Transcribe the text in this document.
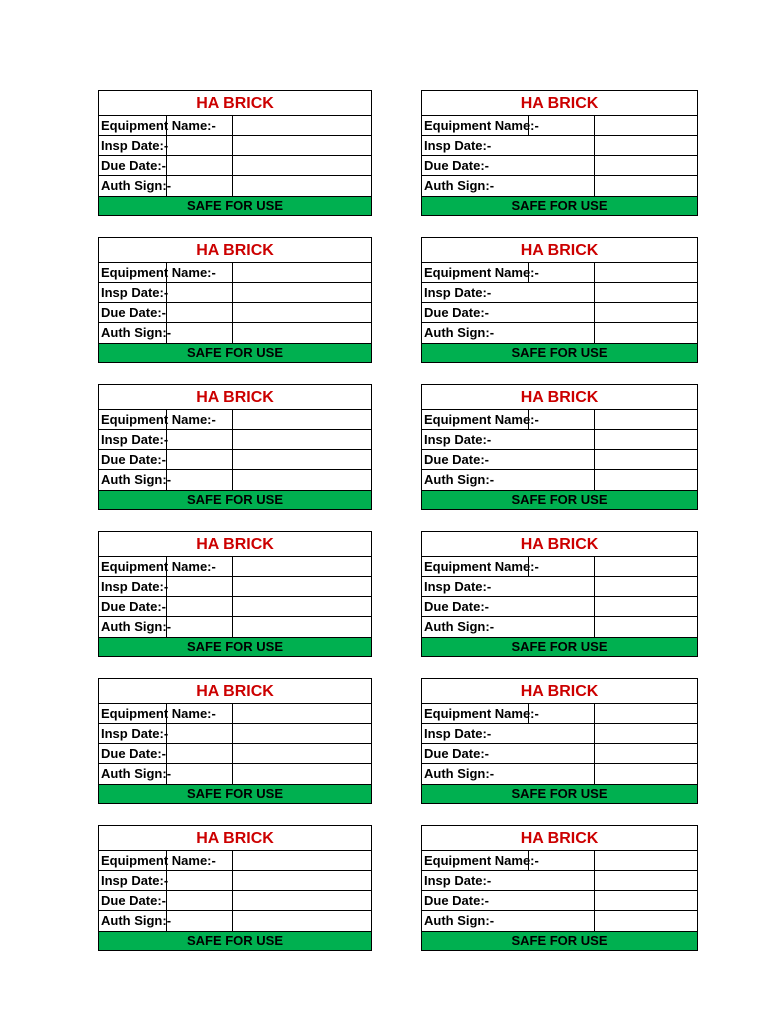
HA BRICK
Equipment Name:-
Insp Date:-
Due Date:-
Auth Sign:-
SAFE FOR USE
HA BRICK
Equipment Name:-
Insp Date:-
Due Date:-
Auth Sign:-
SAFE FOR USE
HA BRICK
Equipment Name:-
Insp Date:-
Due Date:-
Auth Sign:-
SAFE FOR USE
HA BRICK
Equipment Name:-
Insp Date:-
Due Date:-
Auth Sign:-
SAFE FOR USE
HA BRICK
Equipment Name:-
Insp Date:-
Due Date:-
Auth Sign:-
SAFE FOR USE
HA BRICK
Equipment Name:-
Insp Date:-
Due Date:-
Auth Sign:-
SAFE FOR USE
HA BRICK
Equipment Name:-
Insp Date:-
Due Date:-
Auth Sign:-
SAFE FOR USE
HA BRICK
Equipment Name:-
Insp Date:-
Due Date:-
Auth Sign:-
SAFE FOR USE
HA BRICK
Equipment Name:-
Insp Date:-
Due Date:-
Auth Sign:-
SAFE FOR USE
HA BRICK
Equipment Name:-
Insp Date:-
Due Date:-
Auth Sign:-
SAFE FOR USE
HA BRICK
Equipment Name:-
Insp Date:-
Due Date:-
Auth Sign:-
SAFE FOR USE
HA BRICK
Equipment Name:-
Insp Date:-
Due Date:-
Auth Sign:-
SAFE FOR USE
